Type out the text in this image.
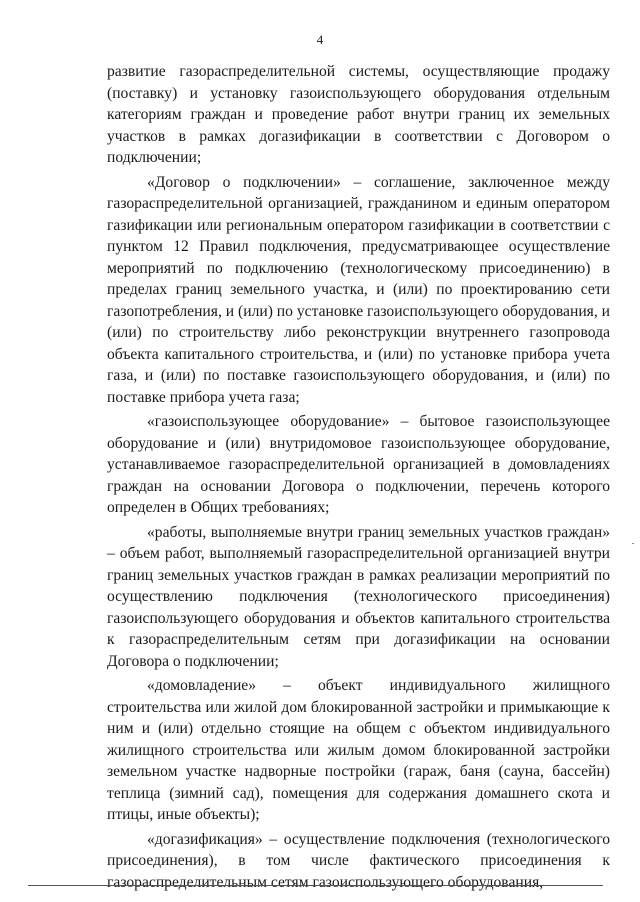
4

развитие газораспределительной системы, осуществляющие продажу (поставку) и установку газоиспользующего оборудования отдельным категориям граждан и проведение работ внутри границ их земельных участков в рамках догазификации в соответствии с Договором о подключении;

«Договор о подключении» – соглашение, заключенное между газораспределительной организацией, гражданином и единым оператором газификации или региональным оператором газификации в соответствии с пунктом 12 Правил подключения, предусматривающее осуществление мероприятий по подключению (технологическому присоединению) в пределах границ земельного участка, и (или) по проектированию сети газопотребления, и (или) по установке газоиспользующего оборудования, и (или) по строительству либо реконструкции внутреннего газопровода объекта капитального строительства, и (или) по установке прибора учета газа, и (или) по поставке газоиспользующего оборудования, и (или) по поставке прибора учета газа;

«газоиспользующее оборудование» – бытовое газоиспользующее оборудование и (или) внутридомовое газоиспользующее оборудование, устанавливаемое газораспределительной организацией в домовладениях граждан на основании Договора о подключении, перечень которого определен в Общих требованиях;

«работы, выполняемые внутри границ земельных участков граждан» – объем работ, выполняемый газораспределительной организацией внутри границ земельных участков граждан в рамках реализации мероприятий по осуществлению подключения (технологического присоединения) газоиспользующего оборудования и объектов капитального строительства к газораспределительным сетям при догазификации на основании Договора о подключении;

«домовладение» – объект индивидуального жилищного строительства или жилой дом блокированной застройки и примыкающие к ним и (или) отдельно стоящие на общем с объектом индивидуального жилищного строительства или жилым домом блокированной застройки земельном участке надворные постройки (гараж, баня (сауна, бассейн) теплица (зимний сад), помещения для содержания домашнего скота и птицы, иные объекты);

«догазификация» – осуществление подключения (технологического присоединения), в том числе фактического присоединения к газораспределительным сетям газоиспользующего оборудования,
